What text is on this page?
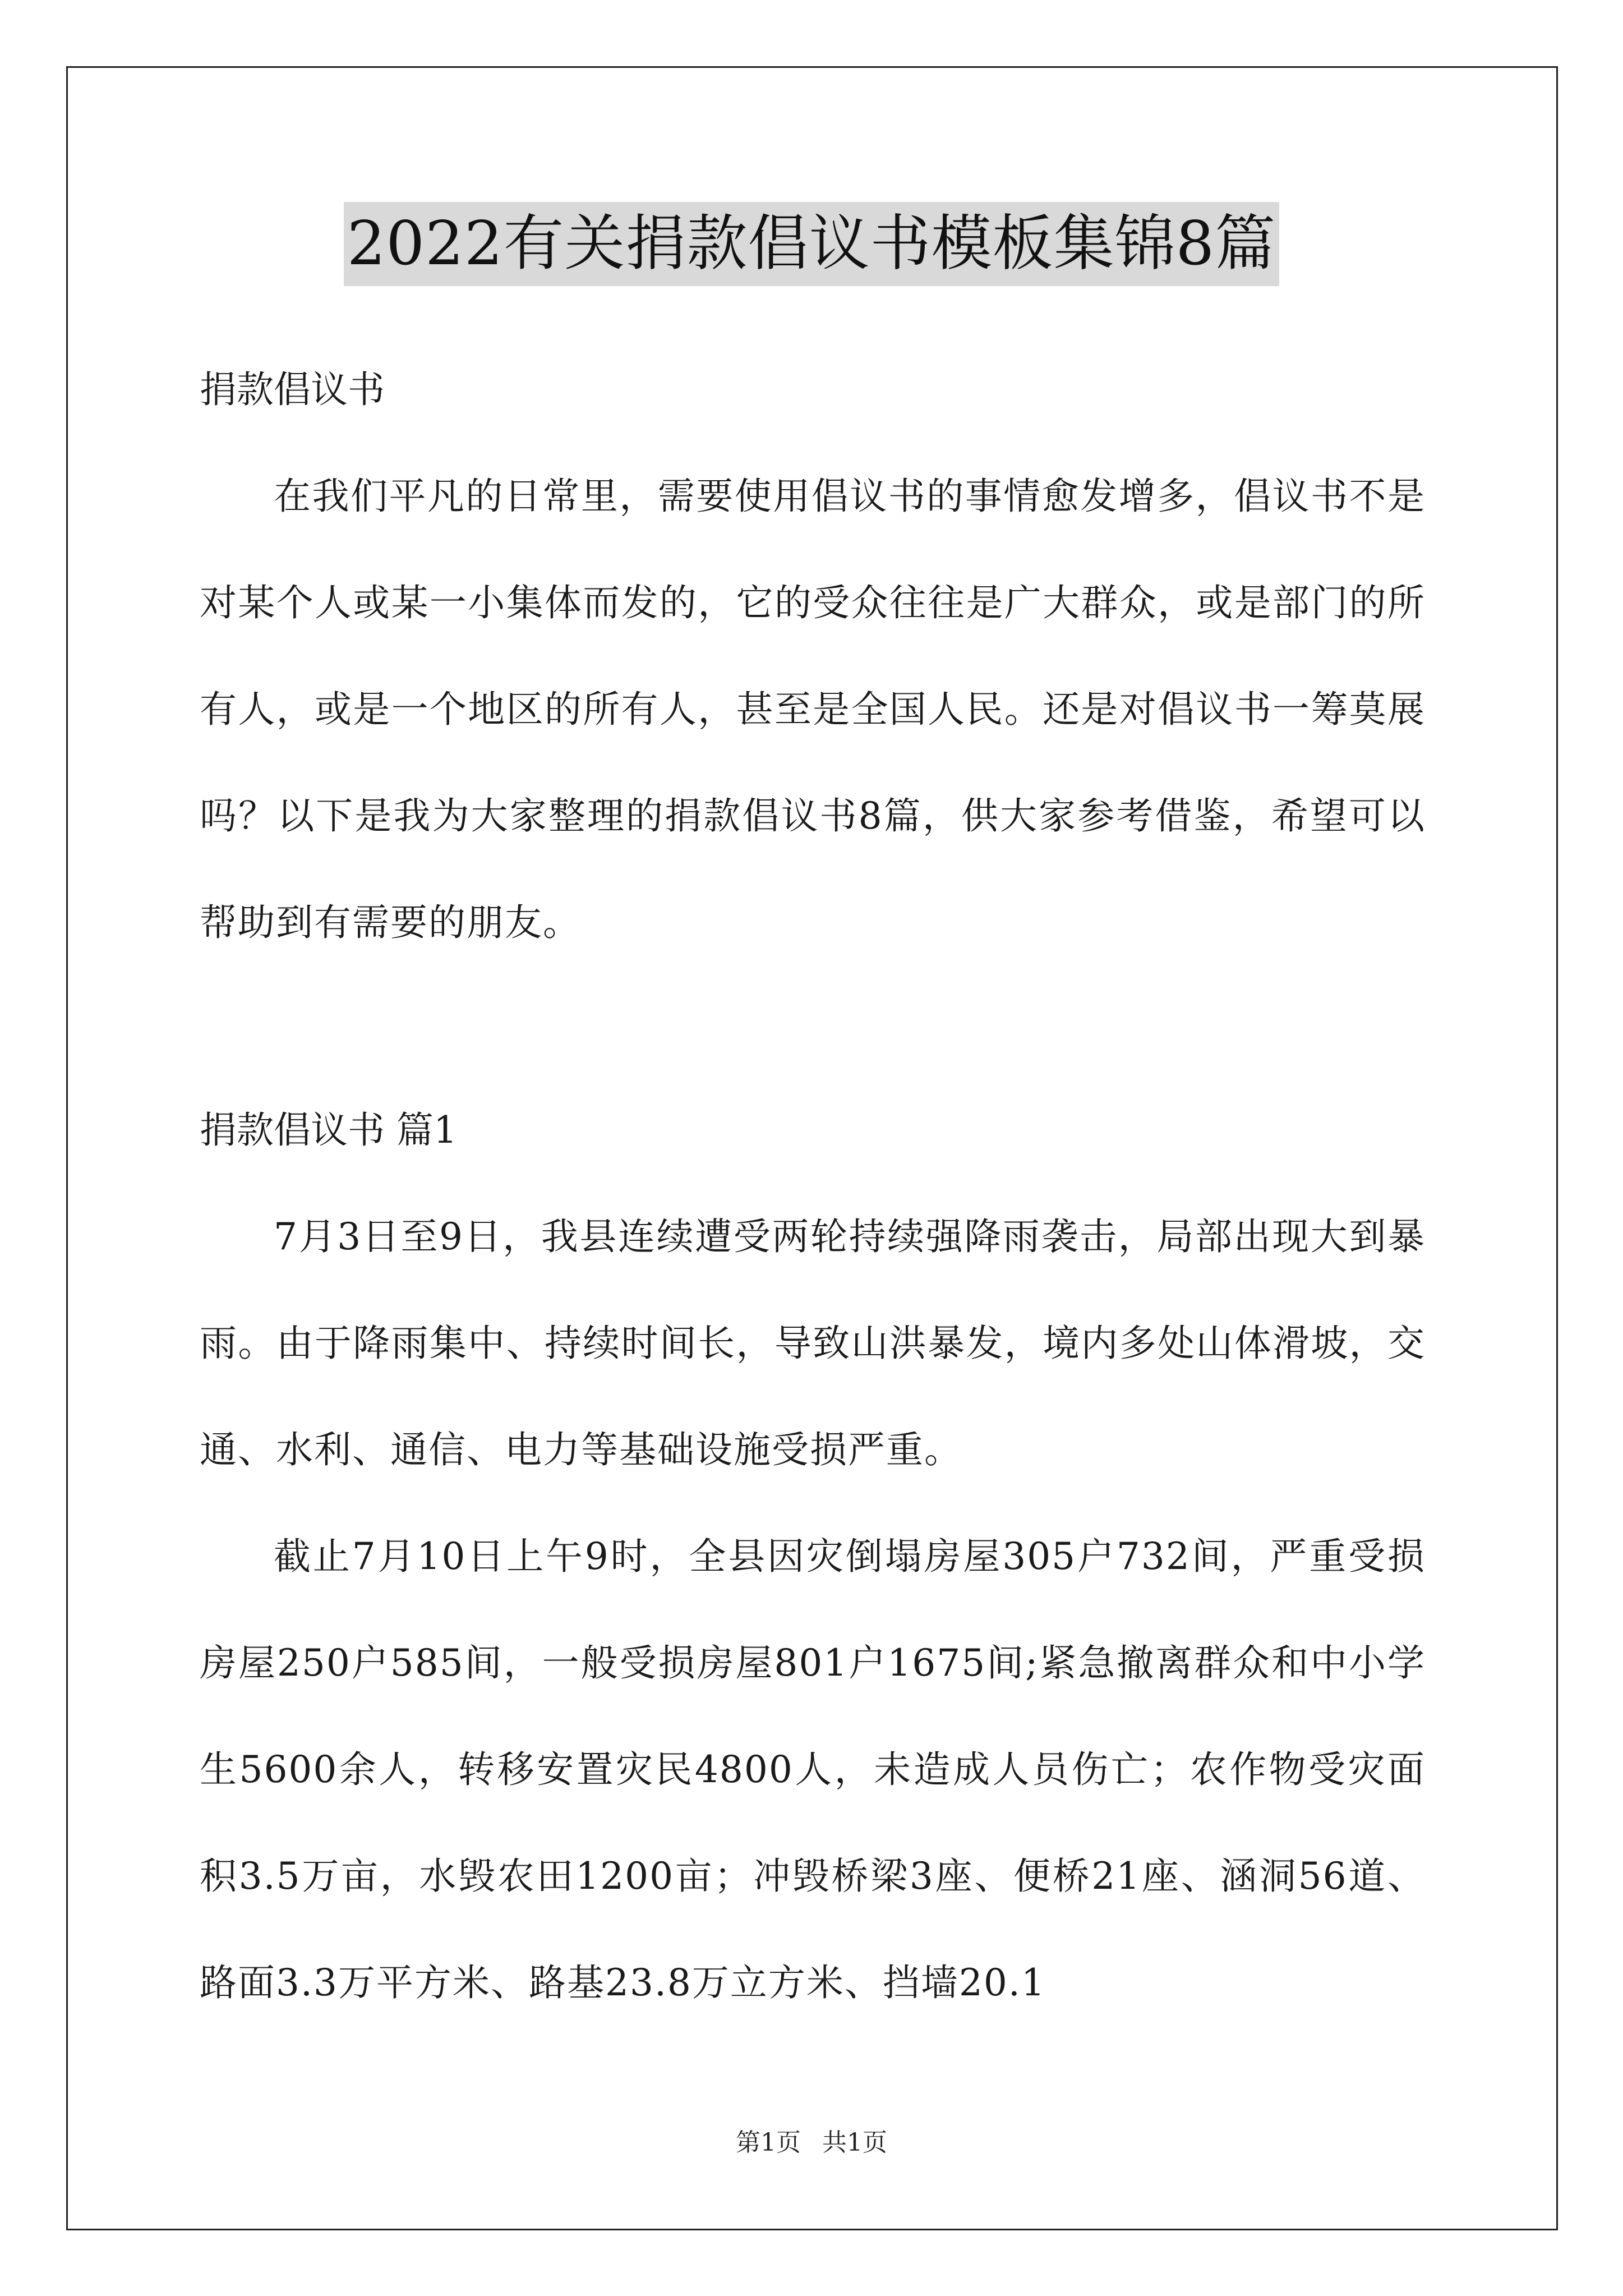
2022有关捐款倡议书模板集锦8篇

捐款倡议书

在我们平凡的日常里，需要使用倡议书的事情愈发增多，倡议书不是对某个人或某一小集体而发的，它的受众往往是广大群众，或是部门的所有人，或是一个地区的所有人，甚至是全国人民。还是对倡议书一筹莫展吗？以下是我为大家整理的捐款倡议书8篇，供大家参考借鉴，希望可以帮助到有需要的朋友。

捐款倡议书 篇1

7月3日至9日，我县连续遭受两轮持续强降雨袭击，局部出现大到暴雨。由于降雨集中、持续时间长，导致山洪暴发，境内多处山体滑坡，交通、水利、通信、电力等基础设施受损严重。

截止7月10日上午9时，全县因灾倒塌房屋305户732间，严重受损房屋250户585间，一般受损房屋801户1675间;紧急撤离群众和中小学生5600余人，转移安置灾民4800人，未造成人员伤亡；农作物受灾面积3.5万亩，水毁农田1200亩；冲毁桥梁3座、便桥21座、涵洞56道、路面3.3万平方米、路基23.8万立方米、挡墙20.1

第1页 共1页
